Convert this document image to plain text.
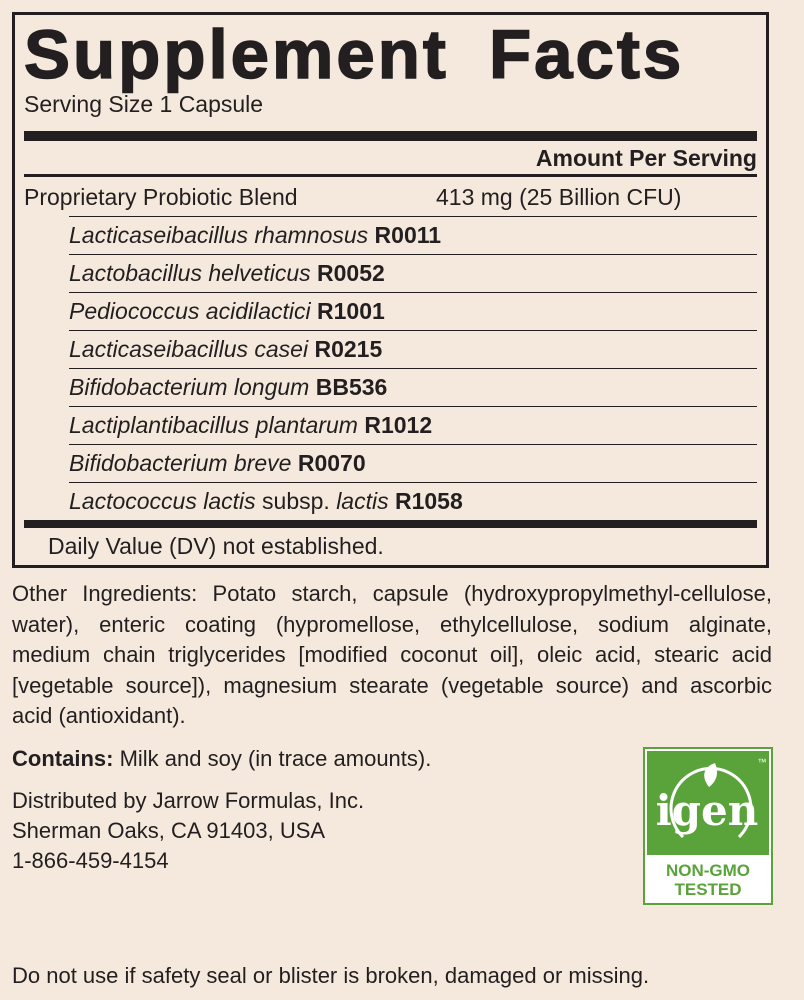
Supplement Facts
Serving Size 1 Capsule
Amount Per Serving
Proprietary Probiotic Blend	413 mg (25 Billion CFU)
Lacticaseibacillus rhamnosus R0011
Lactobacillus helveticus R0052
Pediococcus acidilactici R1001
Lacticaseibacillus casei R0215
Bifidobacterium longum BB536
Lactiplantibacillus plantarum R1012
Bifidobacterium breve R0070
Lactococcus lactis subsp. lactis R1058
Daily Value (DV) not established.
Other Ingredients: Potato starch, capsule (hydroxypropylmethyl-cellulose, water), enteric coating (hypromellose, ethylcellulose, sodium alginate, medium chain triglycerides [modified coconut oil], oleic acid, stearic acid [vegetable source]), magnesium stearate (vegetable source) and ascorbic acid (antioxidant).
Contains: Milk and soy (in trace amounts).
Distributed by Jarrow Formulas, Inc.
Sherman Oaks, CA 91403, USA
1-866-459-4154
igen
™
NON-GMO
TESTED
Do not use if safety seal or blister is broken, damaged or missing.
